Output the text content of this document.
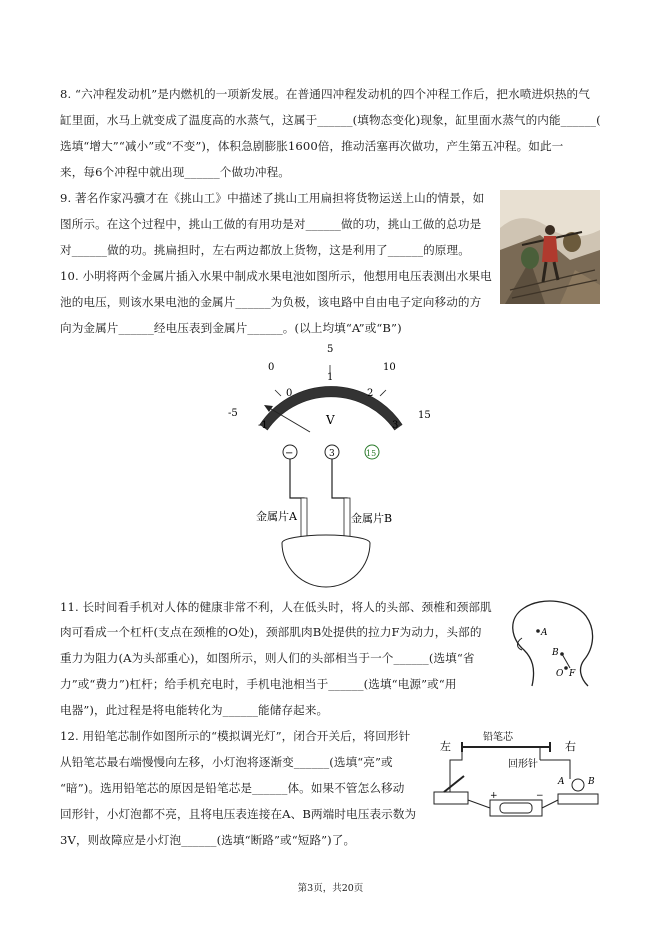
8. “六冲程发动机”是内燃机的一项新发展。在普通四冲程发动机的四个冲程工作后，把水喷进炽热的气
缸里面，水马上就变成了温度高的水蒸气，这属于______(填物态变化)现象，缸里面水蒸气的内能______(
选填“增大”“减小”或“不变”)，体积急剧膨胀1600倍，推动活塞再次做功，产生第五冲程。如此一
来，每6个冲程中就出现______个做功冲程。
9. 著名作家冯骥才在《挑山工》中描述了挑山工用扁担将货物运送上山的情景，如
图所示。在这个过程中，挑山工做的有用功是对______做的功，挑山工做的总功是
对______做的功。挑扁担时，左右两边都放上货物，这是利用了______的原理。
10. 小明将两个金属片插入水果中制成水果电池如图所示，他想用电压表测出水果电
池的电压，则该水果电池的金属片______为负极，该电路中自由电子定向移动的方
向为金属片______经电压表到金属片______。(以上均填“A”或“B”)
-5
0
5
10
15
-1
0
1
2
3
V
−	3	15
金属片A	金属片B
11. 长时间看手机对人体的健康非常不利，人在低头时，将人的头部、颈椎和颈部肌
肉可看成一个杠杆(支点在颈椎的O处)，颈部肌肉B处提供的拉力F为动力，头部的
重力为阻力(A为头部重心)，如图所示，则人们的头部相当于一个______(选填“省
力”或“费力”)杠杆；给手机充电时，手机电池相当于______(选填“电源”或“用
电器”)，此过程是将电能转化为______能储存起来。
A
B
O F
12. 用铅笔芯制作如图所示的“模拟调光灯”，闭合开关后，将回形针
从铅笔芯最右端慢慢向左移，小灯泡将逐渐变______(选填“亮”或
“暗”)。选用铅笔芯的原因是铅笔芯是______体。如果不管怎么移动
回形针，小灯泡都不亮，且将电压表连接在A、B两端时电压表示数为
3V，则故障应是小灯泡______(选填“断路”或“短路”)了。
左	右
铅笔芯
回形针
+	−
A	B
第3页，共20页
